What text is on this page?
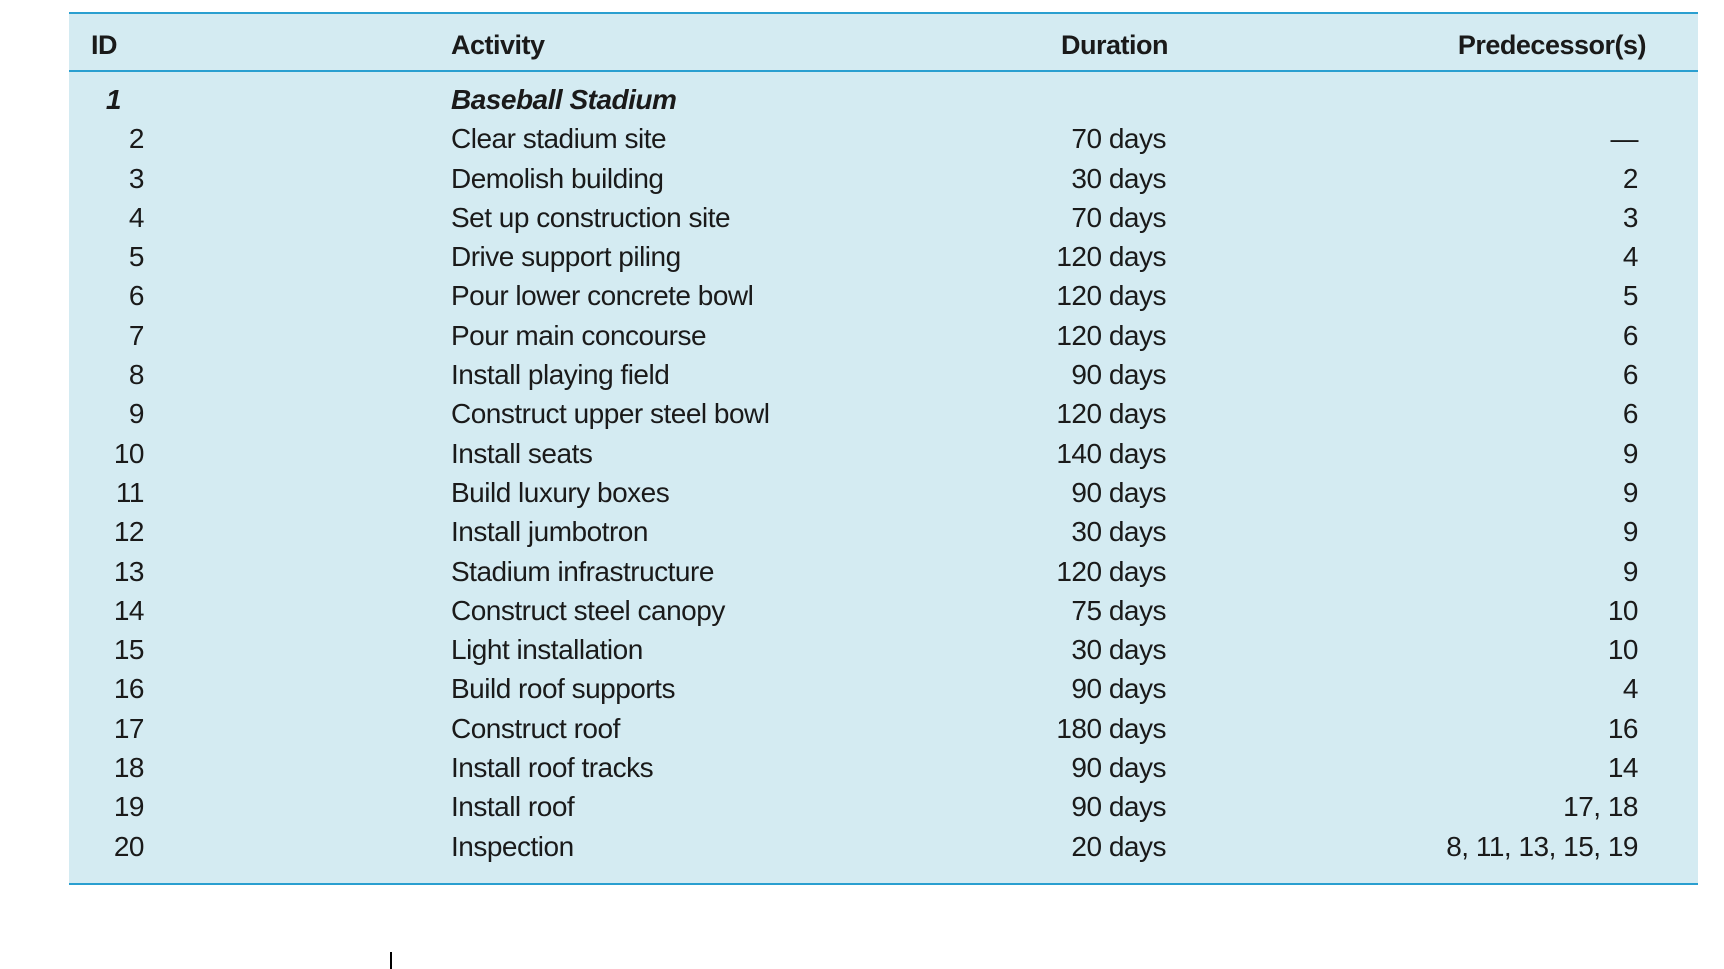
ID	Activity	Duration	Predecessor(s)
1	Baseball Stadium
2	Clear stadium site	70 days	—
3	Demolish building	30 days	2
4	Set up construction site	70 days	3
5	Drive support piling	120 days	4
6	Pour lower concrete bowl	120 days	5
7	Pour main concourse	120 days	6
8	Install playing field	90 days	6
9	Construct upper steel bowl	120 days	6
10	Install seats	140 days	9
11	Build luxury boxes	90 days	9
12	Install jumbotron	30 days	9
13	Stadium infrastructure	120 days	9
14	Construct steel canopy	75 days	10
15	Light installation	30 days	10
16	Build roof supports	90 days	4
17	Construct roof	180 days	16
18	Install roof tracks	90 days	14
19	Install roof	90 days	17, 18
20	Inspection	20 days	8, 11, 13, 15, 19
